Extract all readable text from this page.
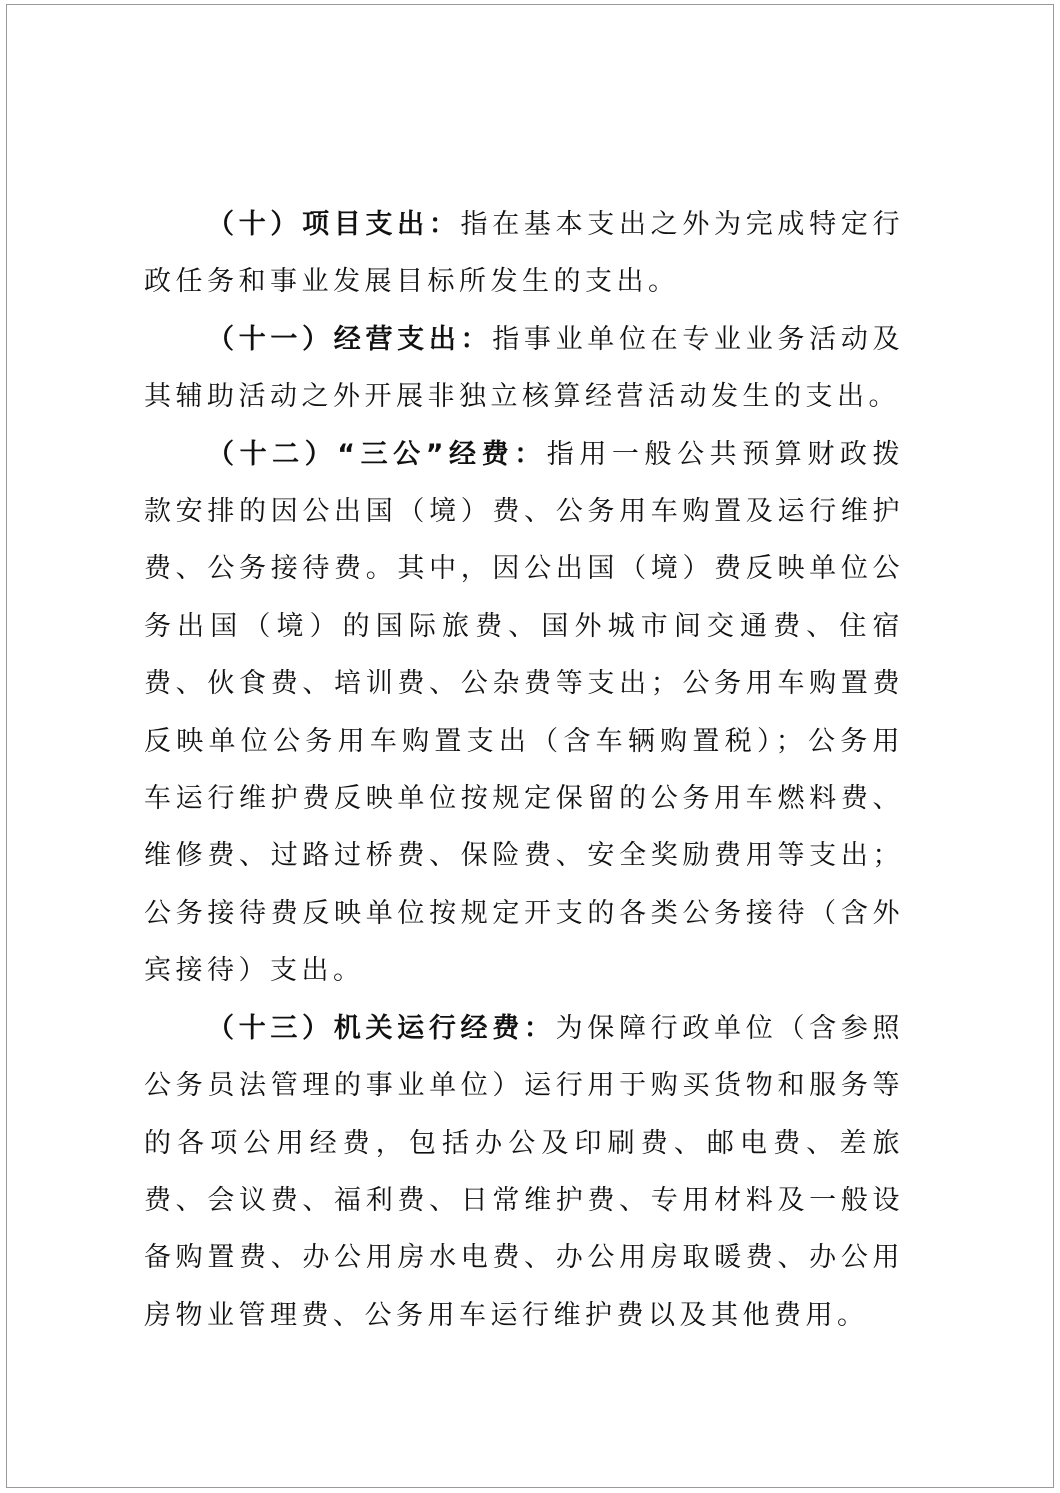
（十）项目支出：指在基本支出之外为完成特定行政任务和事业发展目标所发生的支出。

（十一）经营支出：指事业单位在专业业务活动及其辅助活动之外开展非独立核算经营活动发生的支出。

（十二）“三公”经费：指用一般公共预算财政拨款安排的因公出国（境）费、公务用车购置及运行维护费、公务接待费。其中，因公出国（境）费反映单位公务出国（境）的国际旅费、国外城市间交通费、住宿费、伙食费、培训费、公杂费等支出；公务用车购置费反映单位公务用车购置支出（含车辆购置税）；公务用车运行维护费反映单位按规定保留的公务用车燃料费、维修费、过路过桥费、保险费、安全奖励费用等支出；公务接待费反映单位按规定开支的各类公务接待（含外宾接待）支出。

（十三）机关运行经费：为保障行政单位（含参照公务员法管理的事业单位）运行用于购买货物和服务等的各项公用经费，包括办公及印刷费、邮电费、差旅费、会议费、福利费、日常维护费、专用材料及一般设备购置费、办公用房水电费、办公用房取暖费、办公用房物业管理费、公务用车运行维护费以及其他费用。
